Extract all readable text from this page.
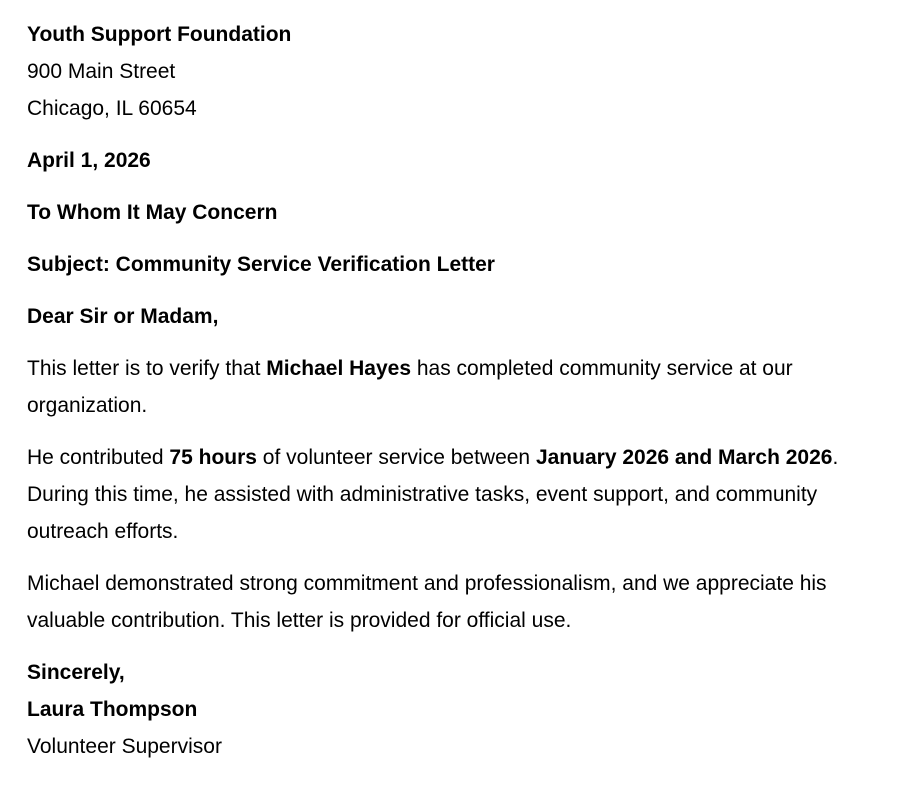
Youth Support Foundation
900 Main Street
Chicago, IL 60654

April 1, 2026

To Whom It May Concern

Subject: Community Service Verification Letter

Dear Sir or Madam,

This letter is to verify that Michael Hayes has completed community service at our organization.

He contributed 75 hours of volunteer service between January 2026 and March 2026. During this time, he assisted with administrative tasks, event support, and community outreach efforts.

Michael demonstrated strong commitment and professionalism, and we appreciate his valuable contribution. This letter is provided for official use.

Sincerely,
Laura Thompson
Volunteer Supervisor
